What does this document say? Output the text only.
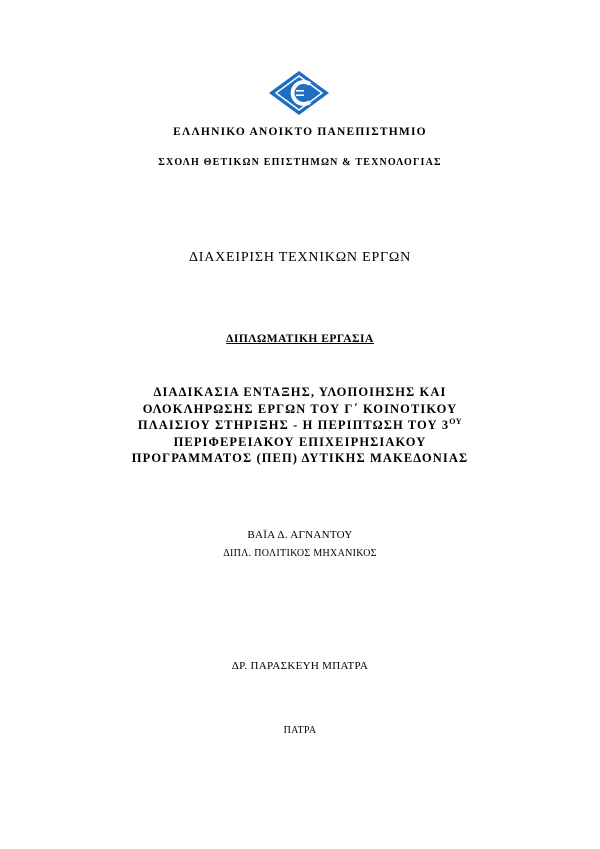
ΕΛΛΗΝΙΚΟ ΑΝΟΙΚΤΟ ΠΑΝΕΠΙΣΤΗΜΙΟ
ΣΧΟΛΗ ΘΕΤΙΚΩΝ ΕΠΙΣΤΗΜΩΝ & ΤΕΧΝΟΛΟΓΙΑΣ
ΔΙΑΧΕΙΡΙΣΗ ΤΕΧΝΙΚΩΝ ΕΡΓΩΝ
ΔΙΠΛΩΜΑΤΙΚΗ ΕΡΓΑΣΙΑ
ΔΙΑΔΙΚΑΣΙΑ ΕΝΤΑΞΗΣ, ΥΛΟΠΟΙΗΣΗΣ ΚΑΙ
ΟΛΟΚΛΗΡΩΣΗΣ ΕΡΓΩΝ ΤΟΥ Γ΄ ΚΟΙΝΟΤΙΚΟΥ
ΠΛΑΙΣΙΟΥ ΣΤΗΡΙΞΗΣ - Η ΠΕΡΙΠΤΩΣΗ ΤΟΥ $3^{O\Upsilon}$
ΠΕΡΙΦΕΡΕΙΑΚΟΥ ΕΠΙΧΕΙΡΗΣΙΑΚΟΥ
ΠΡΟΓΡΑΜΜΑΤΟΣ (ΠΕΠ) ΔΥΤΙΚΗΣ ΜΑΚΕΔΟΝΙΑΣ
ΒΑΪΑ Δ. ΑΓΝΑΝΤΟΥ
ΔΙΠΛ. ΠΟΛΙΤΙΚΟΣ ΜΗΧΑΝΙΚΟΣ
ΔΡ. ΠΑΡΑΣΚΕΥΗ ΜΠΑΤΡΑ
ΠΑΤΡΑ
